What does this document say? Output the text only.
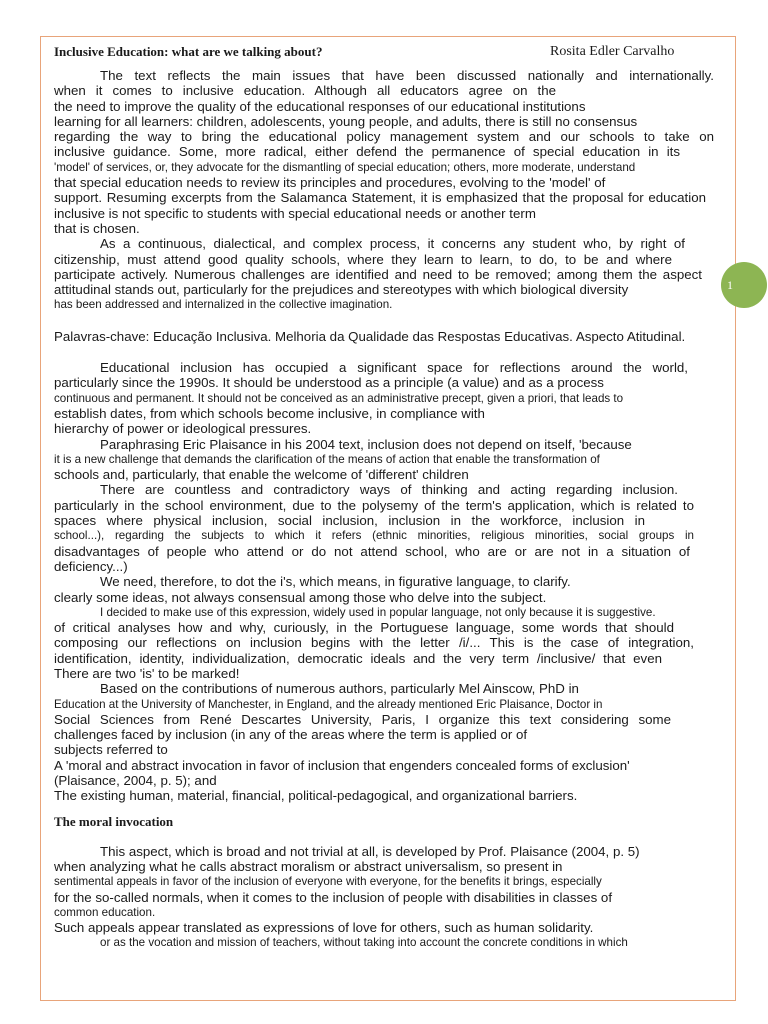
1
Inclusive Education: what are we talking about?	Rosita Edler Carvalho
The text reflects the main issues that have been discussed nationally and internationally.
when it comes to inclusive education. Although all educators agree on the
the need to improve the quality of the educational responses of our educational institutions
learning for all learners: children, adolescents, young people, and adults, there is still no consensus
regarding the way to bring the educational policy management system and our schools to take on
inclusive guidance. Some, more radical, either defend the permanence of special education in its
'model' of services, or, they advocate for the dismantling of special education; others, more moderate, understand
that special education needs to review its principles and procedures, evolving to the 'model' of
support. Resuming excerpts from the Salamanca Statement, it is emphasized that the proposal for education
inclusive is not specific to students with special educational needs or another term
that is chosen.
As a continuous, dialectical, and complex process, it concerns any student who, by right of
citizenship, must attend good quality schools, where they learn to learn, to do, to be and where
participate actively. Numerous challenges are identified and need to be removed; among them the aspect
attitudinal stands out, particularly for the prejudices and stereotypes with which biological diversity
has been addressed and internalized in the collective imagination.
Palavras-chave: Educação Inclusiva. Melhoria da Qualidade das Respostas Educativas. Aspecto Atitudinal.
Educational inclusion has occupied a significant space for reflections around the world,
particularly since the 1990s. It should be understood as a principle (a value) and as a process
continuous and permanent. It should not be conceived as an administrative precept, given a priori, that leads to
establish dates, from which schools become inclusive, in compliance with
hierarchy of power or ideological pressures.
Paraphrasing Eric Plaisance in his 2004 text, inclusion does not depend on itself, 'because
it is a new challenge that demands the clarification of the means of action that enable the transformation of
schools and, particularly, that enable the welcome of 'different' children
There are countless and contradictory ways of thinking and acting regarding inclusion.
particularly in the school environment, due to the polysemy of the term's application, which is related to
spaces where physical inclusion, social inclusion, inclusion in the workforce, inclusion in
school...), regarding the subjects to which it refers (ethnic minorities, religious minorities, social groups in
disadvantages of people who attend or do not attend school, who are or are not in a situation of
deficiency...)
We need, therefore, to dot the i's, which means, in figurative language, to clarify.
clearly some ideas, not always consensual among those who delve into the subject.
I decided to make use of this expression, widely used in popular language, not only because it is suggestive.
of critical analyses how and why, curiously, in the Portuguese language, some words that should
composing our reflections on inclusion begins with the letter /i/... This is the case of integration,
identification, identity, individualization, democratic ideals and the very term /inclusive/ that even
There are two 'is' to be marked!
Based on the contributions of numerous authors, particularly Mel Ainscow, PhD in
Education at the University of Manchester, in England, and the already mentioned Eric Plaisance, Doctor in
Social Sciences from René Descartes University, Paris, I organize this text considering some
challenges faced by inclusion (in any of the areas where the term is applied or of
subjects referred to
A 'moral and abstract invocation in favor of inclusion that engenders concealed forms of exclusion'
(Plaisance, 2004, p. 5); and
The existing human, material, financial, political-pedagogical, and organizational barriers.
The moral invocation
This aspect, which is broad and not trivial at all, is developed by Prof. Plaisance (2004, p. 5)
when analyzing what he calls abstract moralism or abstract universalism, so present in
sentimental appeals in favor of the inclusion of everyone with everyone, for the benefits it brings, especially
for the so-called normals, when it comes to the inclusion of people with disabilities in classes of
common education.
Such appeals appear translated as expressions of love for others, such as human solidarity.
or as the vocation and mission of teachers, without taking into account the concrete conditions in which
